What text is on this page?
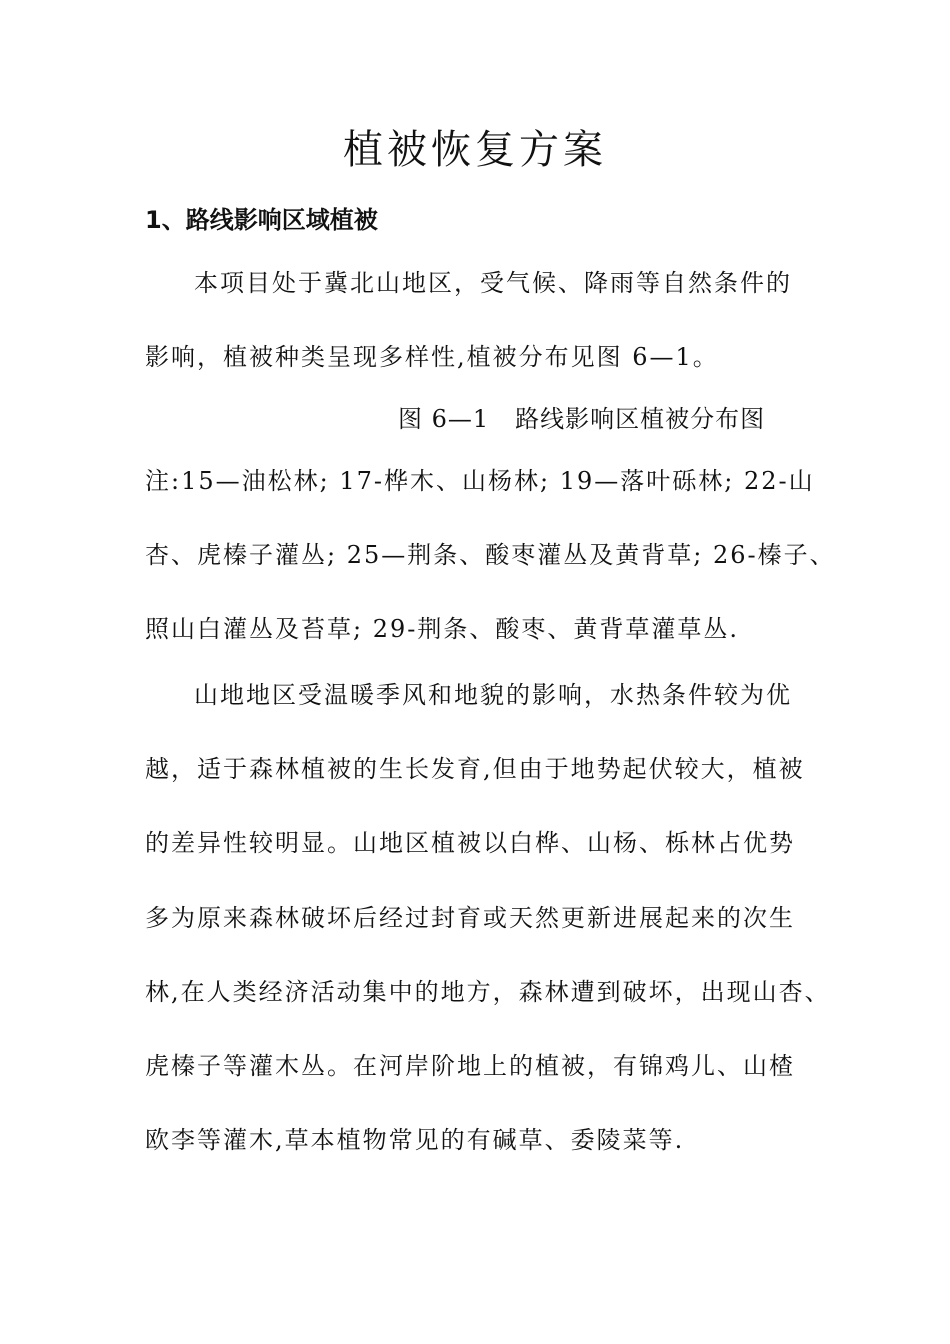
植被恢复方案
1、路线影响区域植被

本项目处于冀北山地区，受气候、降雨等自然条件的

影响，植被种类呈现多样性,植被分布见图 6—1。

图 6—1 路线影响区植被分布图

注:15—油松林; 17-桦木、山杨林; 19—落叶砾林; 22-山

杏、虎榛子灌丛; 25—荆条、酸枣灌丛及黄背草; 26-榛子、

照山白灌丛及苔草; 29-荆条、酸枣、黄背草灌草丛.

山地地区受温暖季风和地貌的影响，水热条件较为优

越，适于森林植被的生长发育,但由于地势起伏较大，植被

的差异性较明显。山地区植被以白桦、山杨、栎林占优势

多为原来森林破坏后经过封育或天然更新进展起来的次生

林,在人类经济活动集中的地方，森林遭到破坏，出现山杏、

虎榛子等灌木丛。在河岸阶地上的植被，有锦鸡儿、山楂

欧李等灌木,草本植物常见的有碱草、委陵菜等.
